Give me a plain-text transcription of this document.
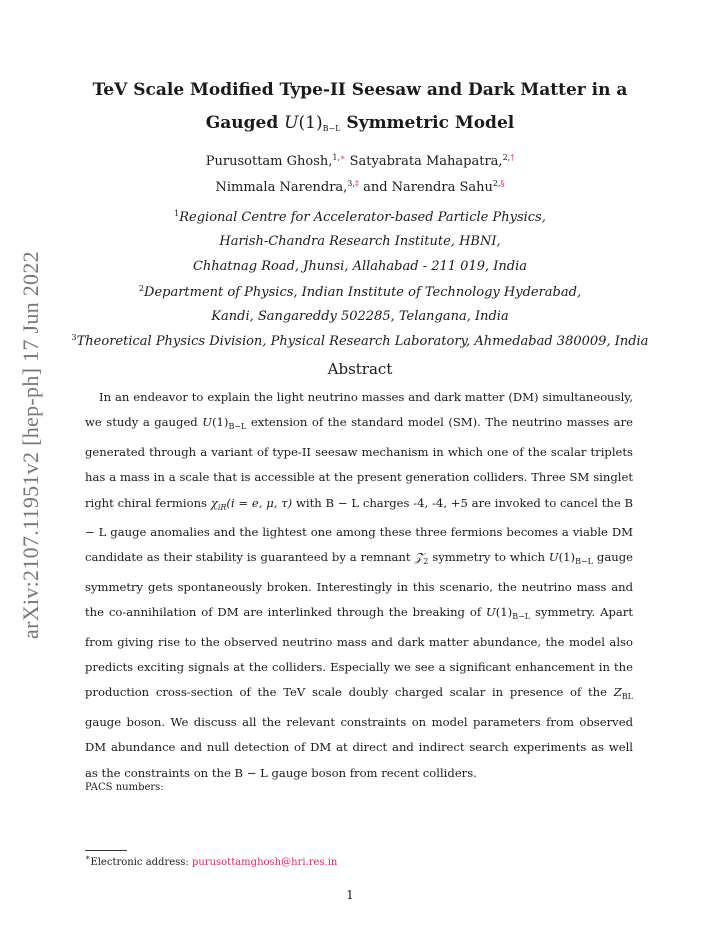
arXiv:2107.11951v2 [hep-ph] 17 Jun 2022
TeV Scale Modified Type-II Seesaw and Dark Matter in a
Gauged $U(1)_{B-L}$ Symmetric Model
Purusottam Ghosh,$^{1,∗}$ Satyabrata Mahapatra,$^{2,\dagger}$
Nimmala Narendra,$^{3,\ddagger}$ and Narendra Sahu$^{2,\S}$
$^1$Regional Centre for Accelerator-based Particle Physics,
Harish-Chandra Research Institute, HBNI,
Chhatnag Road, Jhunsi, Allahabad - 211 019, India
$^2$Department of Physics, Indian Institute of Technology Hyderabad,
Kandi, Sangareddy 502285, Telangana, India
$^3$Theoretical Physics Division, Physical Research Laboratory, Ahmedabad 380009, India
Abstract

In an endeavor to explain the light neutrino masses and dark matter (DM) simultaneously, we study a gauged $U(1)_{B-L}$ extension of the standard model (SM). The neutrino masses are generated through a variant of type-II seesaw mechanism in which one of the scalar triplets has a mass in a scale that is accessible at the present generation colliders. Three SM singlet right chiral fermions $\chi_{iR}(i = e$, μ, τ) with B − L charges -4, -4, +5 are invoked to cancel the B − L gauge anomalies and the lightest one among these three fermions becomes a viable DM candidate as their stability is guaranteed by a remnant 𝒵$_2$ symmetry to which $U(1)_{B-L}$ gauge symmetry gets spontaneously broken. Interestingly in this scenario, the neutrino mass and the co-annihilation of DM are interlinked through the breaking of $U(1)_{B-L}$ symmetry. Apart from giving rise to the observed neutrino mass and dark matter abundance, the model also predicts exciting signals at the colliders. Especially we see a significant enhancement in the production cross-section of the TeV scale doubly charged scalar in presence of the $Z_{BL}$ gauge boson. We discuss all the relevant constraints on model parameters from observed DM abundance and null detection of DM at direct and indirect search experiments as well as the constraints on the B − L gauge boson from recent colliders.

PACS numbers:
∗Electronic address: purusottamghosh@hri.res.in
1
